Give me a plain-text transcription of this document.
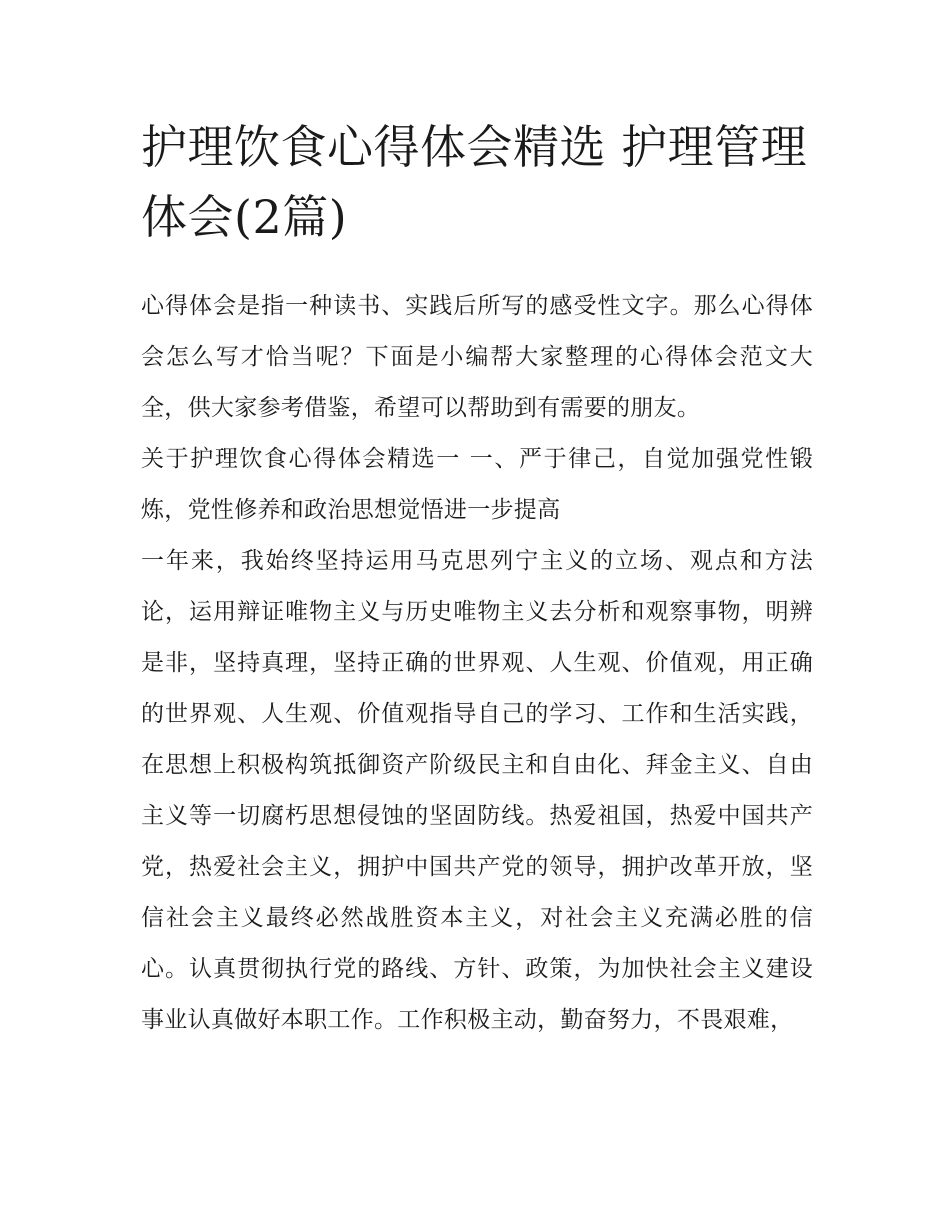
护理饮食心得体会精选 护理管理体会(2篇)

心得体会是指一种读书、实践后所写的感受性文字。那么心得体会怎么写才恰当呢？下面是小编帮大家整理的心得体会范文大全，供大家参考借鉴，希望可以帮助到有需要的朋友。

关于护理饮食心得体会精选一 一、严于律己，自觉加强党性锻炼，党性修养和政治思想觉悟进一步提高

一年来，我始终坚持运用马克思列宁主义的立场、观点和方法论，运用辩证唯物主义与历史唯物主义去分析和观察事物，明辨是非，坚持真理，坚持正确的世界观、人生观、价值观，用正确的世界观、人生观、价值观指导自己的学习、工作和生活实践，在思想上积极构筑抵御资产阶级民主和自由化、拜金主义、自由主义等一切腐朽思想侵蚀的坚固防线。热爱祖国，热爱中国共产党，热爱社会主义，拥护中国共产党的领导，拥护改革开放，坚信社会主义最终必然战胜资本主义，对社会主义充满必胜的信心。认真贯彻执行党的路线、方针、政策，为加快社会主义建设事业认真做好本职工作。工作积极主动，勤奋努力，不畏艰难，
